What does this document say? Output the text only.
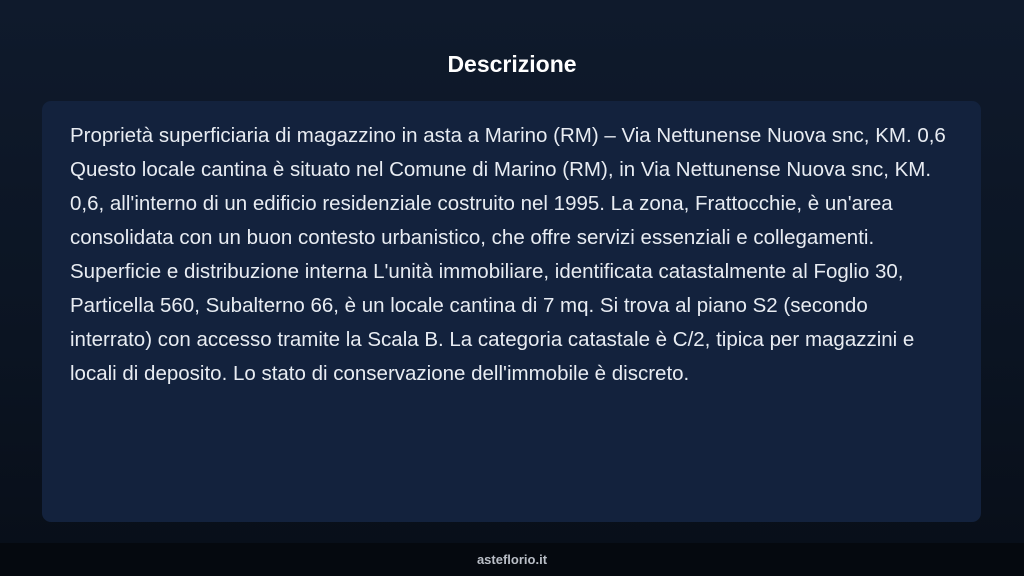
Descrizione

Proprietà superficiaria di magazzino in asta a Marino (RM) – Via Nettunense Nuova snc, KM. 0,6 Questo locale cantina è situato nel Comune di Marino (RM), in Via Nettunense Nuova snc, KM. 0,6, all'interno di un edificio residenziale costruito nel 1995. La zona, Frattocchie, è un'area consolidata con un buon contesto urbanistico, che offre servizi essenziali e collegamenti. Superficie e distribuzione interna L'unità immobiliare, identificata catastalmente al Foglio 30, Particella 560, Subalterno 66, è un locale cantina di 7 mq. Si trova al piano S2 (secondo interrato) con accesso tramite la Scala B. La categoria catastale è C/2, tipica per magazzini e locali di deposito. Lo stato di conservazione dell'immobile è discreto.

asteflorio.it
